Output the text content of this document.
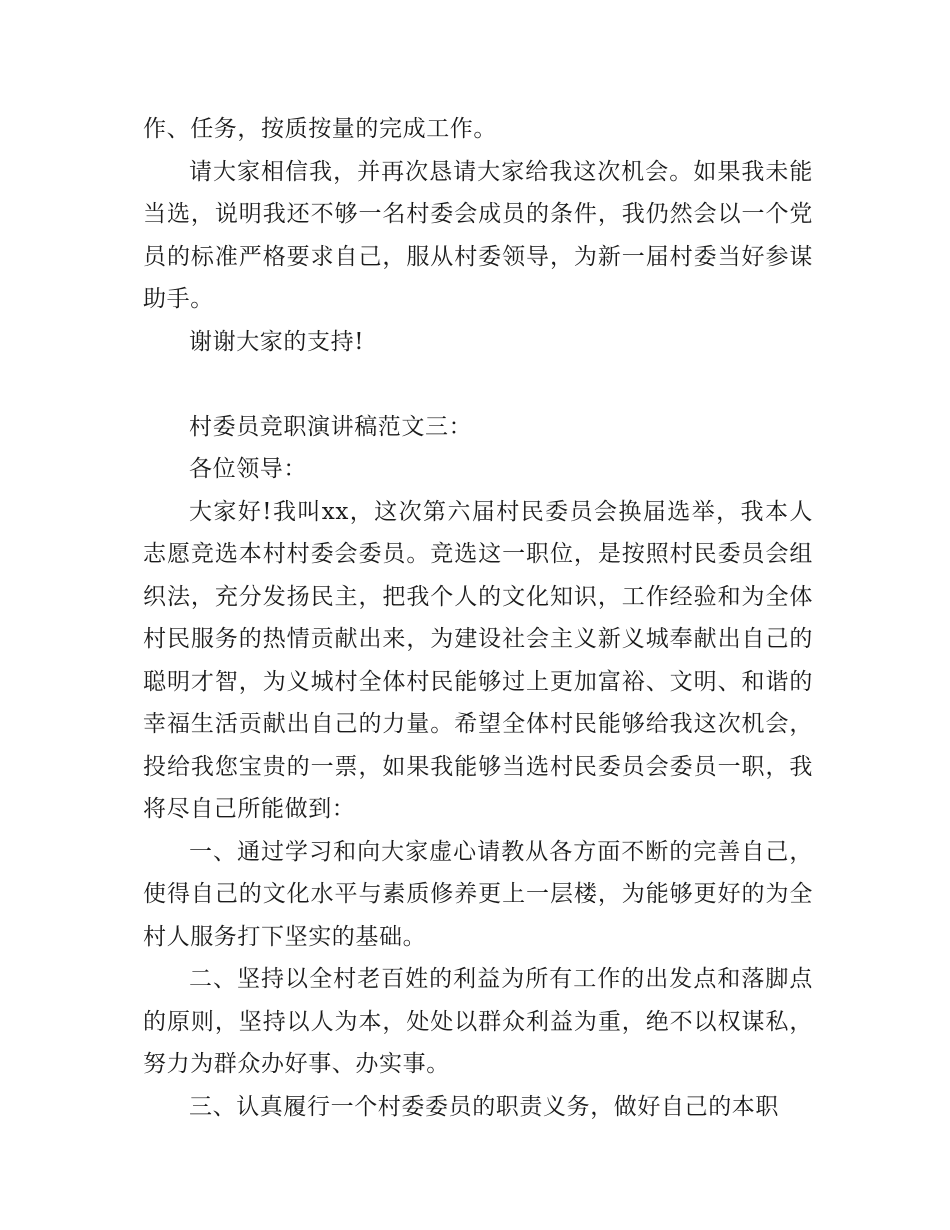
作、任务，按质按量的完成工作。

请大家相信我，并再次恳请大家给我这次机会。如果我未能当选，说明我还不够一名村委会成员的条件，我仍然会以一个党员的标准严格要求自己，服从村委领导，为新一届村委当好参谋助手。

谢谢大家的支持!

村委员竞职演讲稿范文三：

各位领导：

大家好!我叫xx，这次第六届村民委员会换届选举，我本人志愿竞选本村村委会委员。竞选这一职位，是按照村民委员会组织法，充分发扬民主，把我个人的文化知识，工作经验和为全体村民服务的热情贡献出来，为建设社会主义新义城奉献出自己的聪明才智，为义城村全体村民能够过上更加富裕、文明、和谐的幸福生活贡献出自己的力量。希望全体村民能够给我这次机会，投给我您宝贵的一票，如果我能够当选村民委员会委员一职，我将尽自己所能做到：

一、通过学习和向大家虚心请教从各方面不断的完善自己，使得自己的文化水平与素质修养更上一层楼，为能够更好的为全村人服务打下坚实的基础。

二、坚持以全村老百姓的利益为所有工作的出发点和落脚点的原则，坚持以人为本，处处以群众利益为重，绝不以权谋私，努力为群众办好事、办实事。

三、认真履行一个村委委员的职责义务，做好自己的本职
